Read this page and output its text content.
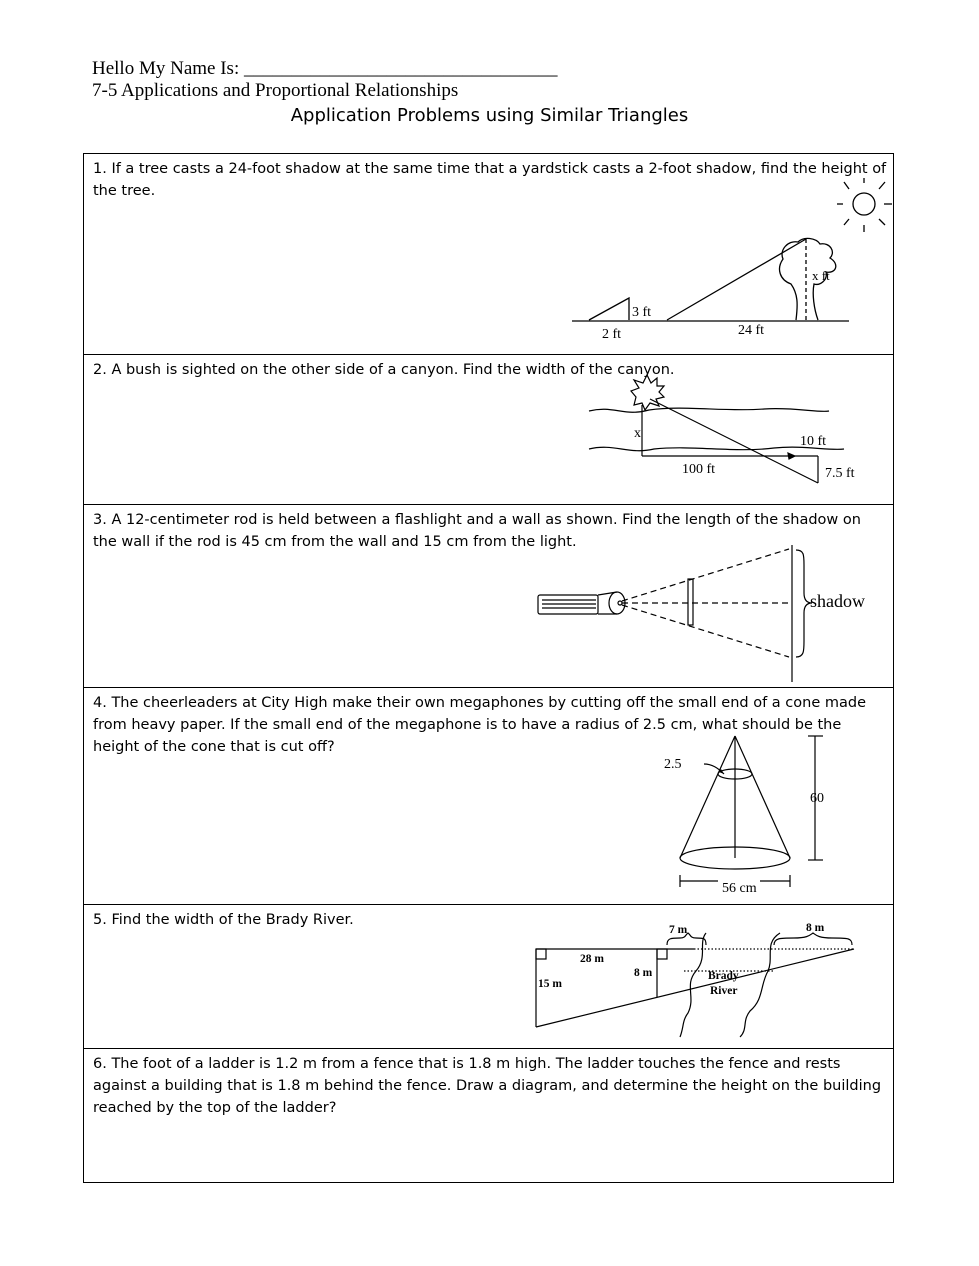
Hello My Name Is: _________________________________
7-5 Applications and Proportional Relationships
Application Problems using Similar Triangles
1. If a tree casts a 24-foot shadow at the same time that a yardstick casts a 2-foot shadow, find the height of the tree.
3 ft
2 ft	24 ft
x ft
2. A bush is sighted on the other side of a canyon. Find the width of the canyon.
x
10 ft
100 ft	7.5 ft
3. A 12-centimeter rod is held between a flashlight and a wall as shown. Find the length of the shadow on the wall if the rod is 45 cm from the wall and 15 cm from the light.
shadow
4. The cheerleaders at City High make their own megaphones by cutting off the small end of a cone made from heavy paper. If the small end of the megaphone is to have a radius of 2.5 cm, what should be the height of the cone that is cut off?
2.5
60
56 cm
5. Find the width of the Brady River.
7 m	8 m
28 m
8 m
15 m
Brady
River
6. The foot of a ladder is 1.2 m from a fence that is 1.8 m high. The ladder touches the fence and rests against a building that is 1.8 m behind the fence. Draw a diagram, and determine the height on the building reached by the top of the ladder?
